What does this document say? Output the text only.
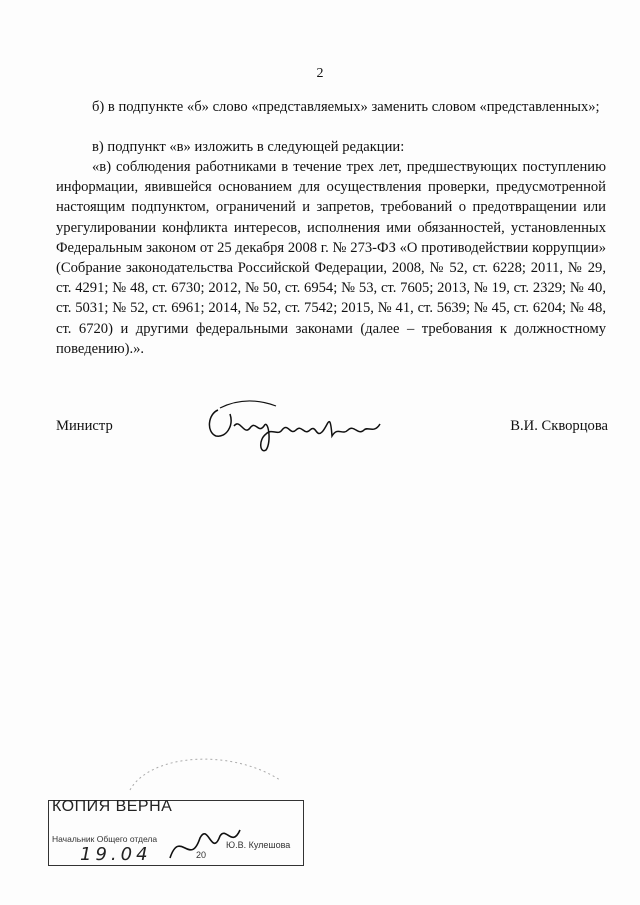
2
б) в подпункте «б» слово «представляемых» заменить словом «представленных»;
в) подпункт «в» изложить в следующей редакции:
«в) соблюдения работниками в течение трех лет, предшествующих поступлению информации, явившейся основанием для осуществления проверки, предусмотренной настоящим подпунктом, ограничений и запретов, требований о предотвращении или урегулировании конфликта интересов, исполнения ими обязанностей, установленных Федеральным законом от 25 декабря 2008 г. № 273-ФЗ «О противодействии коррупции» (Собрание законодательства Российской Федерации, 2008, № 52, ст. 6228; 2011, № 29, ст. 4291; № 48, ст. 6730; 2012, № 50, ст. 6954; № 53, ст. 7605; 2013, № 19, ст. 2329; № 40, ст. 5031; № 52, ст. 6961; 2014, № 52, ст. 7542; 2015, № 41, ст. 5639; № 45, ст. 6204; № 48, ст. 6720) и другими федеральными законами (далее – требования к должностному поведению).».
Министр	В.И. Скворцова
КОПИЯ ВЕРНА
Начальник Общего отдела
Ю.В. Кулешова
19.04	20
